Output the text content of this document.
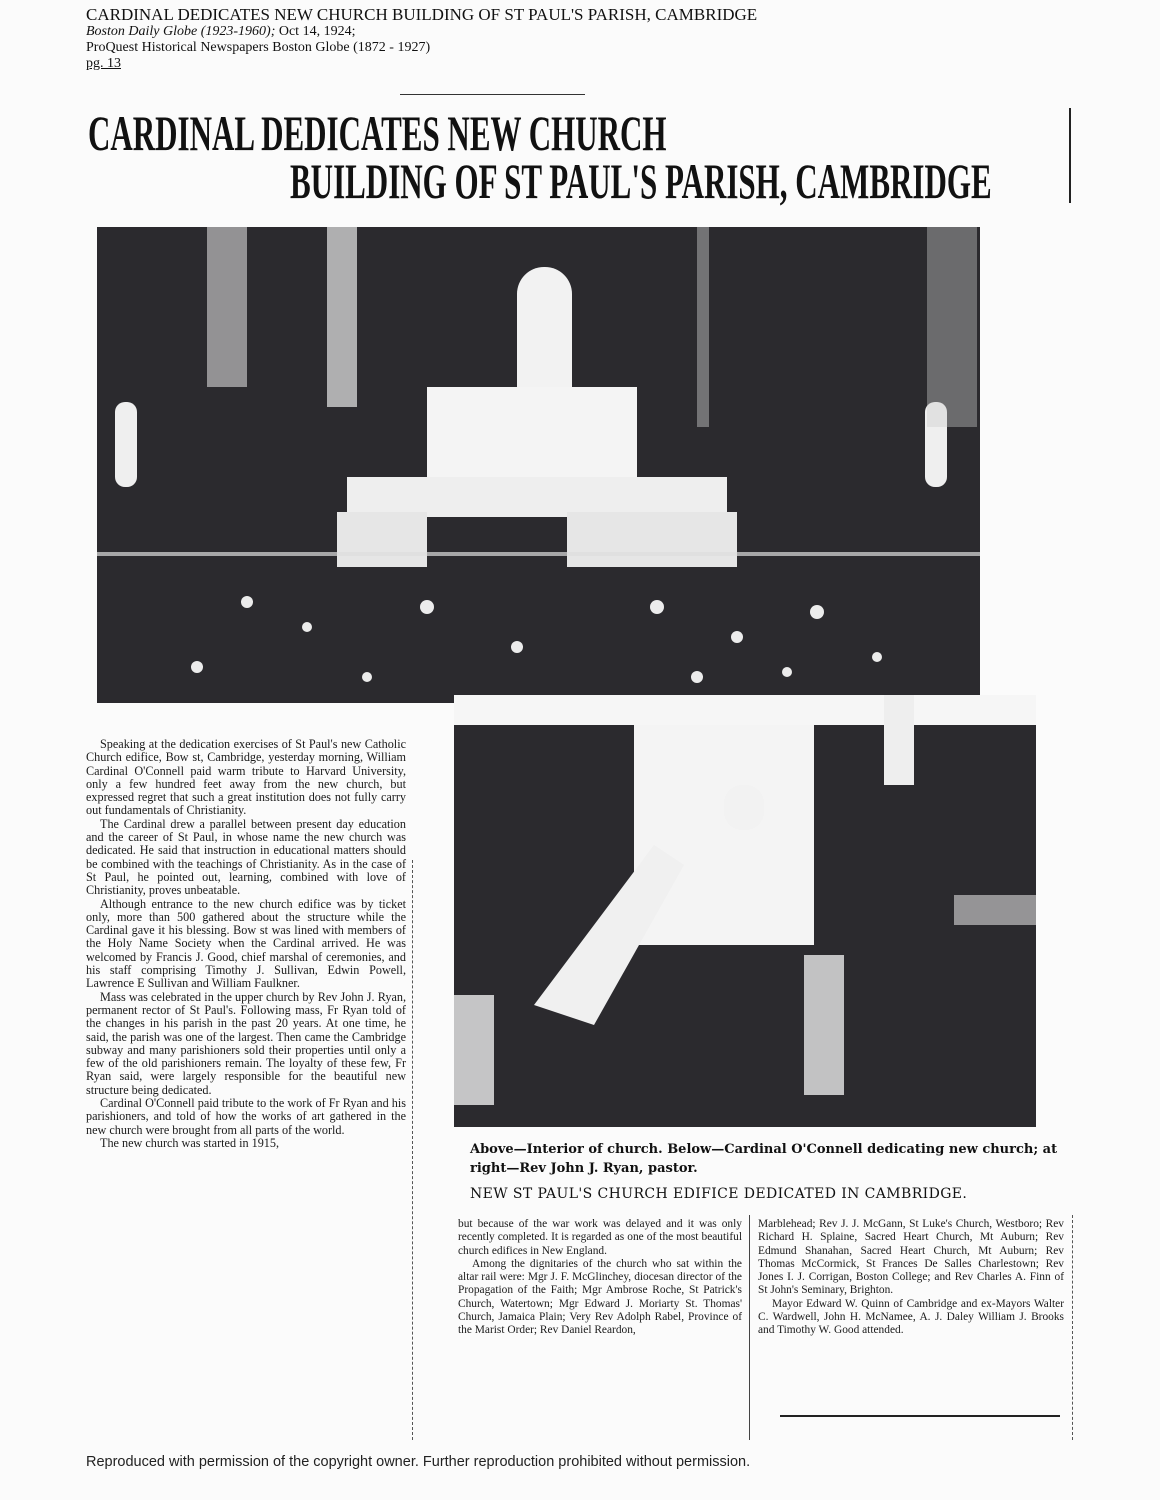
CARDINAL DEDICATES NEW CHURCH BUILDING OF ST PAUL'S PARISH, CAMBRIDGE
Boston Daily Globe (1923-1960); Oct 14, 1924;
ProQuest Historical Newspapers Boston Globe (1872 - 1927)
pg. 13
CARDINAL DEDICATES NEW CHURCH
BUILDING OF ST PAUL'S PARISH, CAMBRIDGE

Speaking at the dedication exercises of St Paul's new Catholic Church edifice, Bow st, Cambridge, yesterday morning, William Cardinal O'Connell paid warm tribute to Harvard University, only a few hundred feet away from the new church, but expressed regret that such a great institution does not fully carry out fundamentals of Christianity.

The Cardinal drew a parallel between present day education and the career of St Paul, in whose name the new church was dedicated. He said that instruction in educational matters should be combined with the teachings of Christianity. As in the case of St Paul, he pointed out, learning, combined with love of Christianity, proves unbeatable.

Although entrance to the new church edifice was by ticket only, more than 500 gathered about the structure while the Cardinal gave it his blessing. Bow st was lined with members of the Holy Name Society when the Cardinal arrived. He was welcomed by Francis J. Good, chief marshal of ceremonies, and his staff comprising Timothy J. Sullivan, Edwin Powell, Lawrence E Sullivan and William Faulkner.

Mass was celebrated in the upper church by Rev John J. Ryan, permanent rector of St Paul's. Following mass, Fr Ryan told of the changes in his parish in the past 20 years. At one time, he said, the parish was one of the largest. Then came the Cambridge subway and many parishioners sold their properties until only a few of the old parishioners remain. The loyalty of these few, Fr Ryan said, were largely responsible for the beautiful new structure being dedicated.

Cardinal O'Connell paid tribute to the work of Fr Ryan and his parishioners, and told of how the works of art gathered in the new church were brought from all parts of the world.

The new church was started in 1915,	Above—Interior of church. Below—Cardinal O'Connell dedicating new church; at right—Rev John J. Ryan, pastor.
NEW ST PAUL'S CHURCH EDIFICE DEDICATED IN CAMBRIDGE.

but because of the war work was delayed and it was only recently completed. It is regarded as one of the most beautiful church edifices in New England.

Among the dignitaries of the church who sat within the altar rail were: Mgr J. F. McGlinchey, diocesan director of the Propagation of the Faith; Mgr Ambrose Roche, St Patrick's Church, Watertown; Mgr Edward J. Moriarty St. Thomas' Church, Jamaica Plain; Very Rev Adolph Rabel, Province of the Marist Order; Rev Daniel Reardon,

Marblehead; Rev J. J. McGann, St Luke's Church, Westboro; Rev Richard H. Splaine, Sacred Heart Church, Mt Auburn; Rev Edmund Shanahan, Sacred Heart Church, Mt Auburn; Rev Thomas McCormick, St Frances De Salles Charlestown; Rev Jones I. J. Corrigan, Boston College; and Rev Charles A. Finn of St John's Seminary, Brighton.

Mayor Edward W. Quinn of Cambridge and ex-Mayors Walter C. Wardwell, John H. McNamee, A. J. Daley William J. Brooks and Timothy W. Good attended.

Reproduced with permission of the copyright owner. Further reproduction prohibited without permission.
